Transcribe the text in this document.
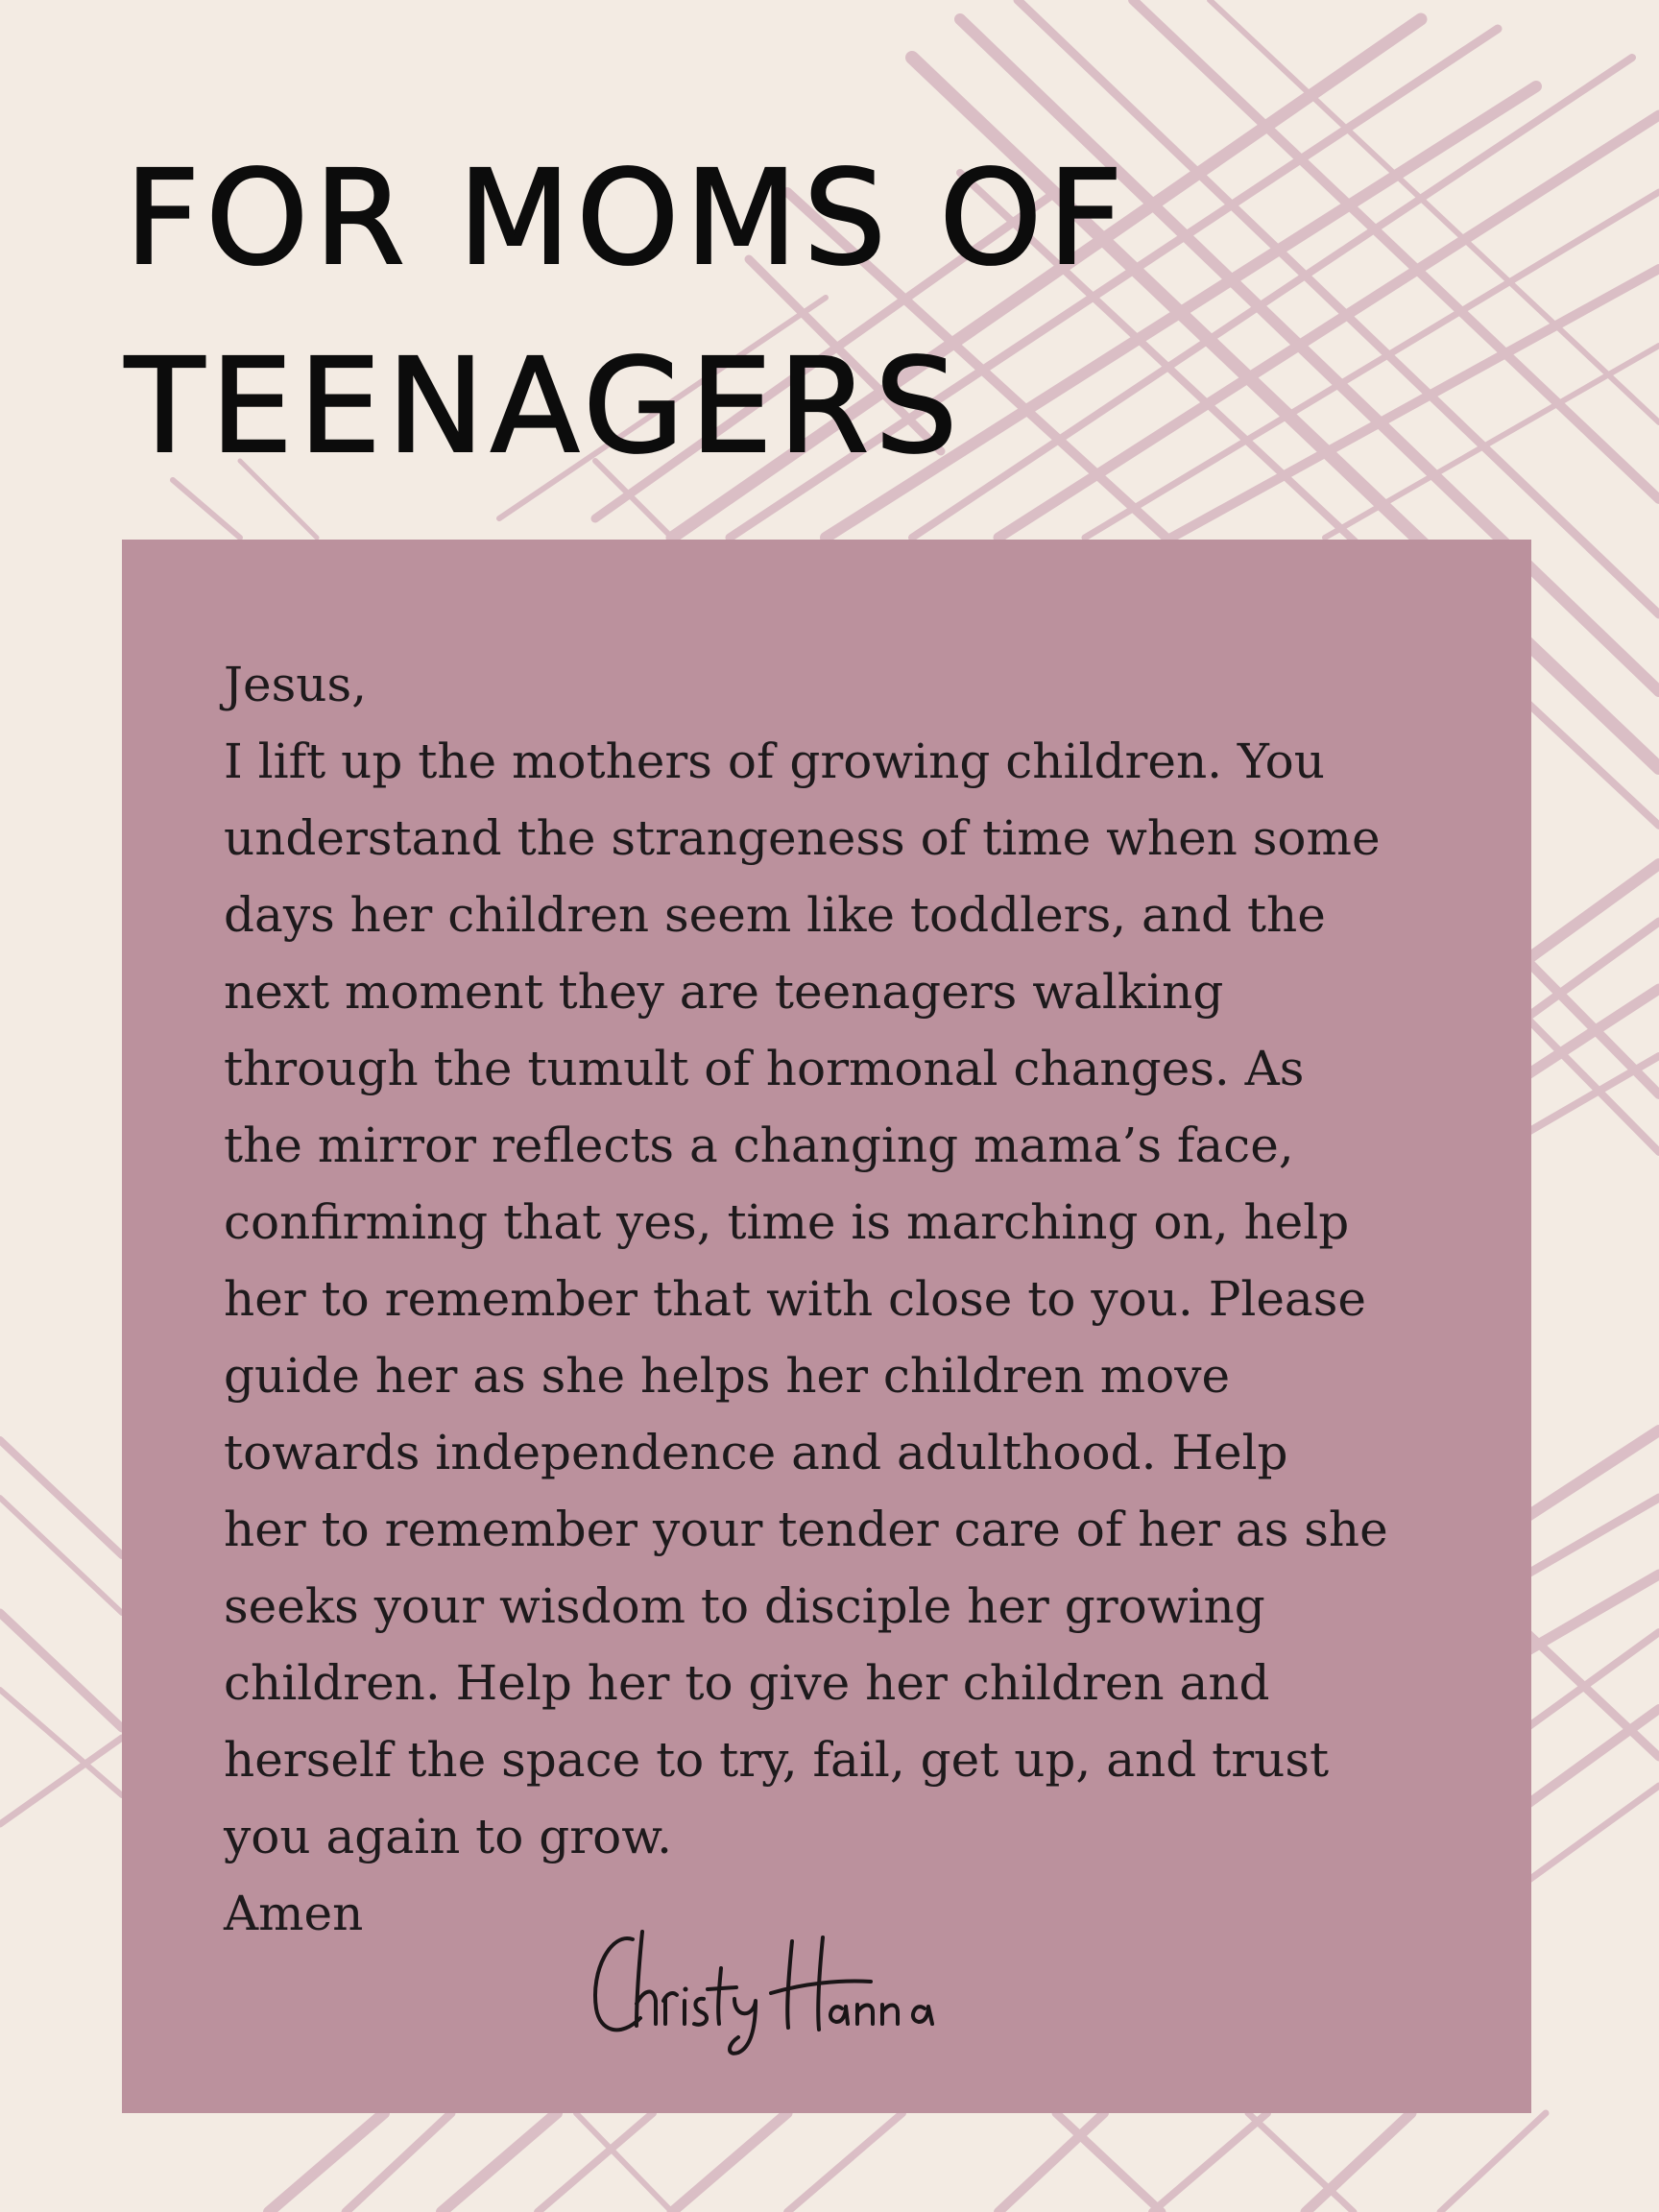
FOR MOMS OF
TEENAGERS
Jesus,
I lift up the mothers of growing children. You
understand the strangeness of time when some
days her children seem like toddlers, and the
next moment they are teenagers walking
through the tumult of hormonal changes. As
the mirror reflects a changing mama’s face,
confirming that yes, time is marching on, help
her to remember that with close to you. Please
guide her as she helps her children move
towards independence and adulthood. Help
her to remember your tender care of her as she
seeks your wisdom to disciple her growing
children. Help her to give her children and
herself the space to try, fail, get up, and trust
you again to grow.
Amen
